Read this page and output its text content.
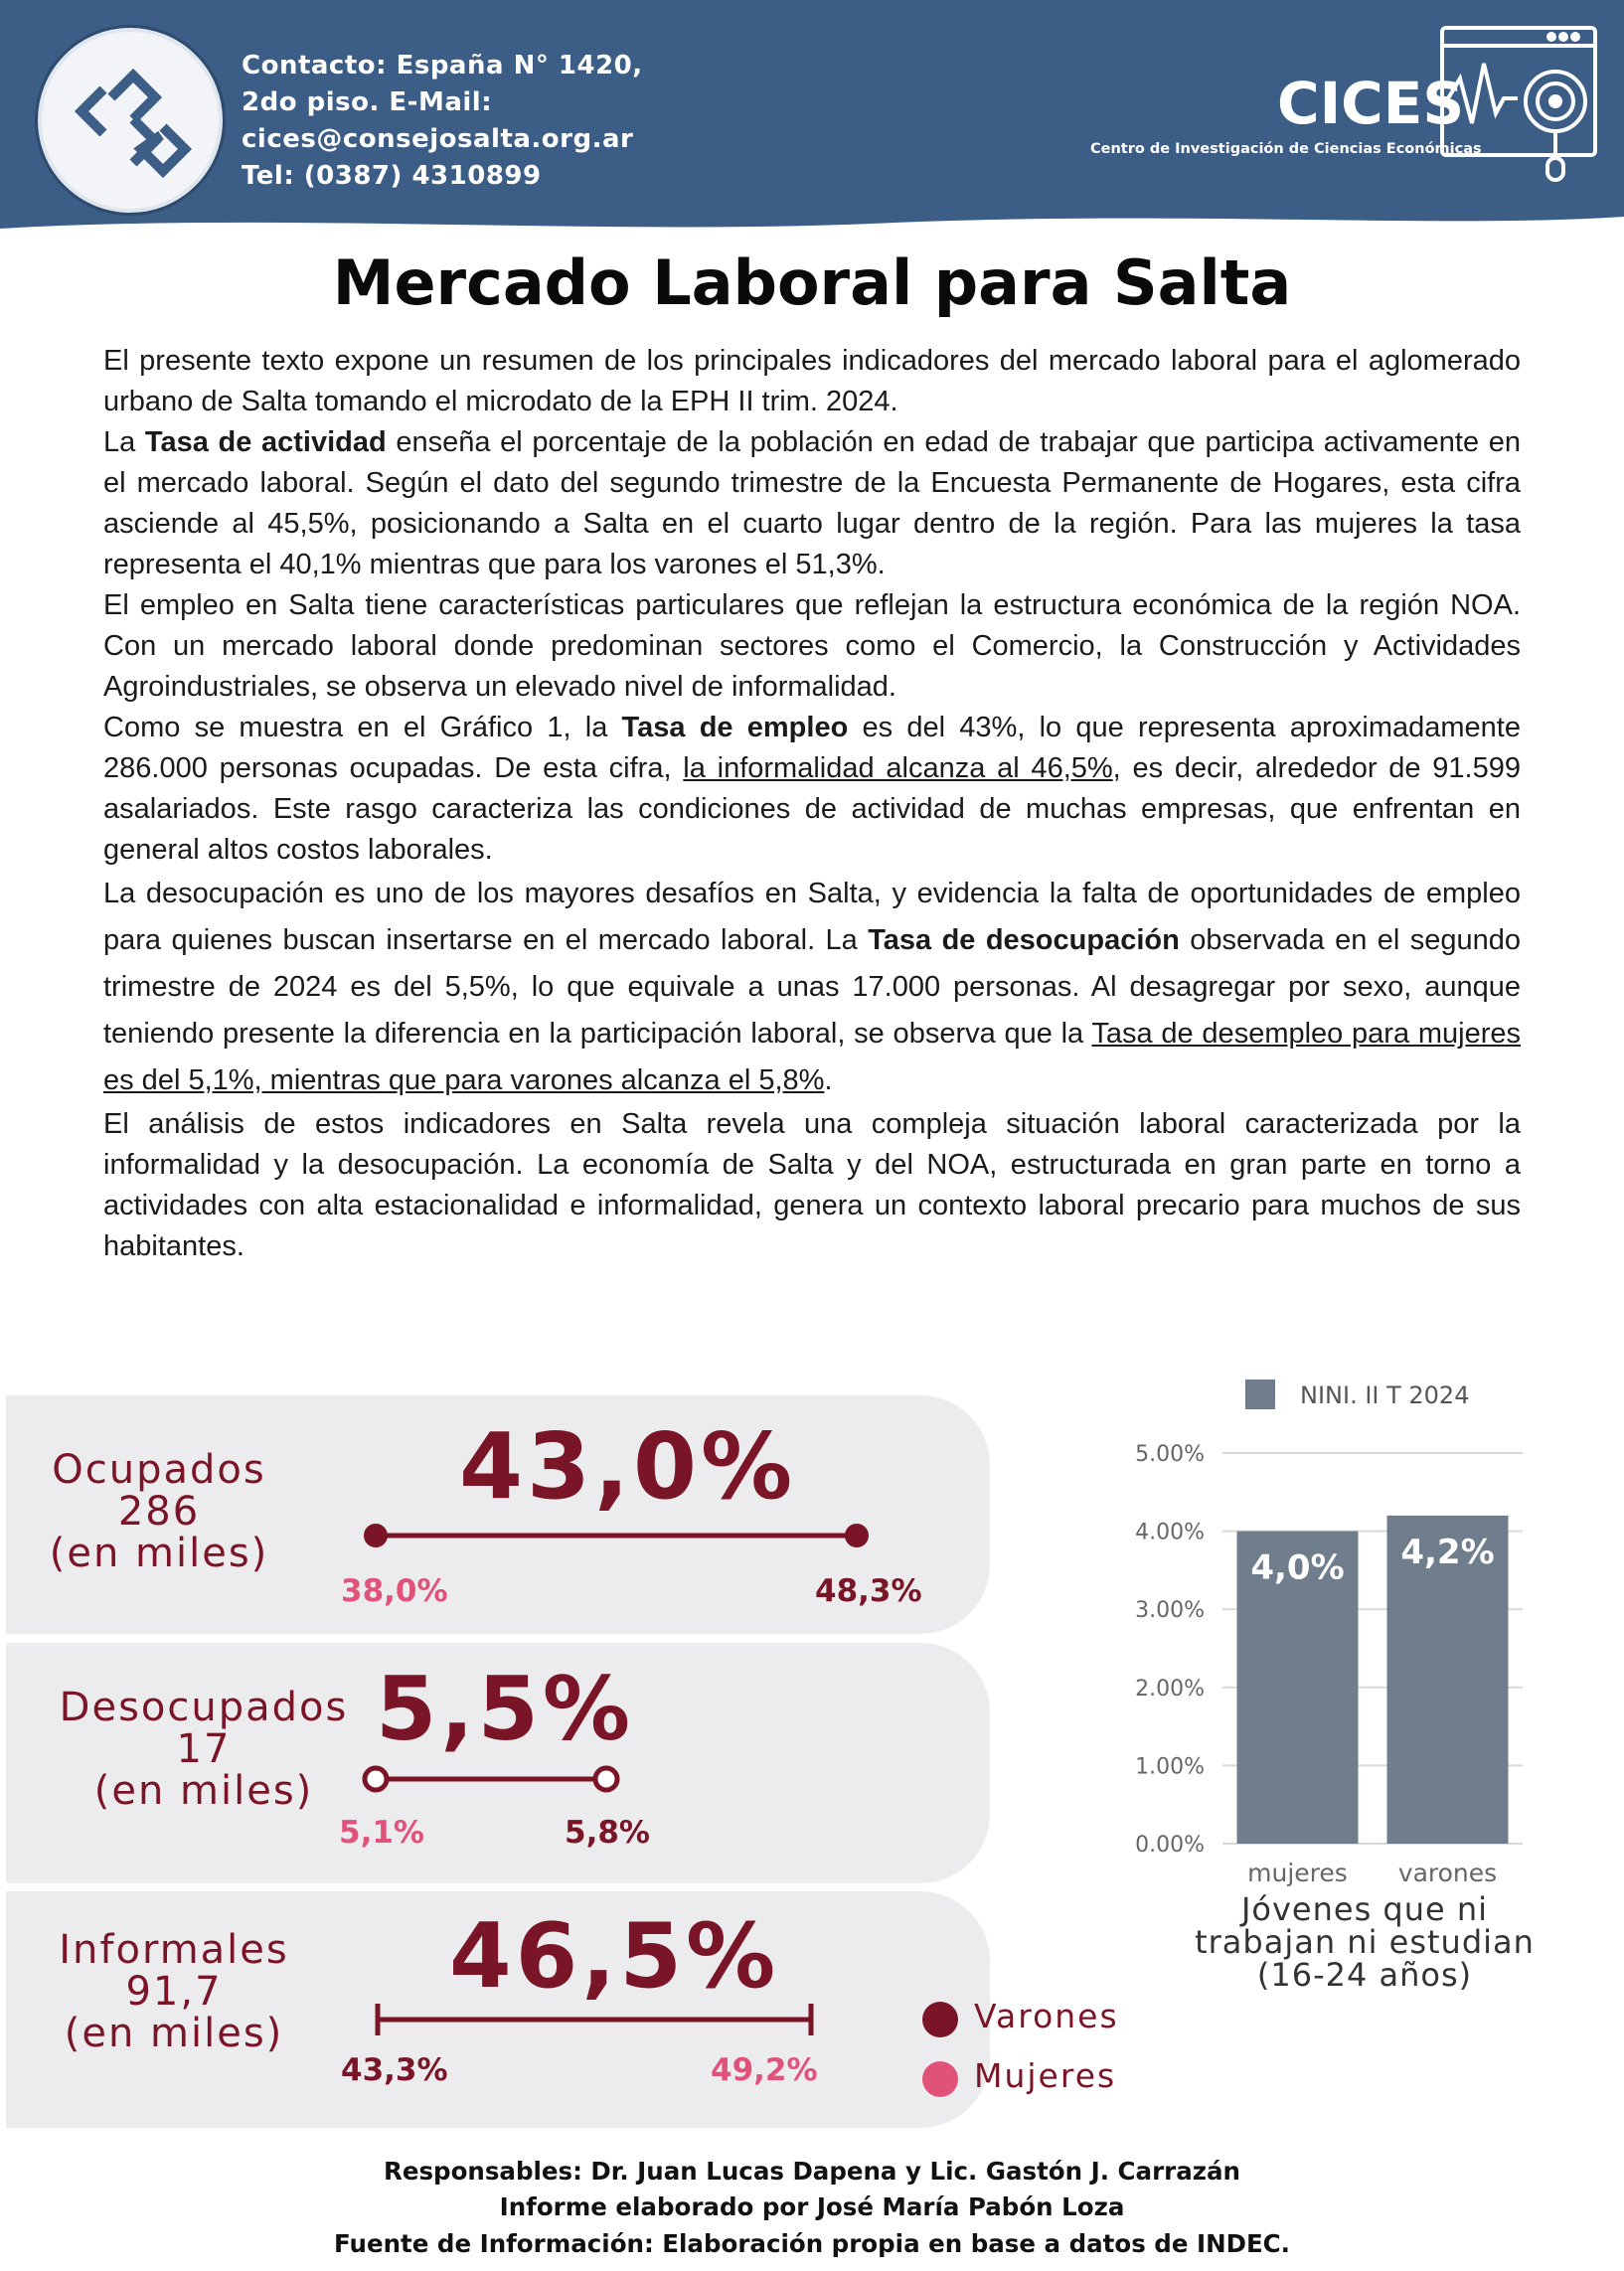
Contacto: España N° 1420,
2do piso. E-Mail:
cices@consejosalta.org.ar
Tel: (0387) 4310899
CICES
Centro de Investigación de Ciencias Económicas
Mercado Laboral para Salta

El presente texto expone un resumen de los principales indicadores del mercado laboral para el aglomerado urbano de Salta tomando el microdato de la EPH II trim. 2024.

La Tasa de actividad enseña el porcentaje de la población en edad de trabajar que participa activamente en el mercado laboral. Según el dato del segundo trimestre de la Encuesta Permanente de Hogares, esta cifra asciende al 45,5%, posicionando a Salta en el cuarto lugar dentro de la región. Para las mujeres la tasa representa el 40,1% mientras que para los varones el 51,3%.

El empleo en Salta tiene características particulares que reflejan la estructura económica de la región NOA. Con un mercado laboral donde predominan sectores como el Comercio, la Construcción y Actividades Agroindustriales, se observa un elevado nivel de informalidad.

Como se muestra en el Gráfico 1, la Tasa de empleo es del 43%, lo que representa aproximadamente 286.000 personas ocupadas. De esta cifra, la informalidad alcanza al 46,5%, es decir, alrededor de 91.599 asalariados. Este rasgo caracteriza las condiciones de actividad de muchas empresas, que enfrentan en general altos costos laborales.

La desocupación es uno de los mayores desafíos en Salta, y evidencia la falta de oportunidades de empleo para quienes buscan insertarse en el mercado laboral. La Tasa de desocupación observada en el segundo trimestre de 2024 es del 5,5%, lo que equivale a unas 17.000 personas. Al desagregar por sexo, aunque teniendo presente la diferencia en la participación laboral, se observa que la Tasa de desempleo para mujeres es del 5,1%, mientras que para varones alcanza el 5,8%.

El análisis de estos indicadores en Salta revela una compleja situación laboral caracterizada por la informalidad y la desocupación. La economía de Salta y del NOA, estructurada en gran parte en torno a actividades con alta estacionalidad e informalidad, genera un contexto laboral precario para muchos de sus habitantes.

Ocupados
286
(en miles)
43,0%
38,0%	48,3%
Desocupados
17
(en miles)
5,5%
5,1%	5,8%
Informales
91,7
(en miles)
46,5%
43,3%	49,2%
Varones
Mujeres
NINI. II T 2024
0.00%
1.00%
2.00%
3.00%
4.00%
5.00%
4,0%
mujeres
4,2%
varones
Jóvenes que ni
trabajan ni estudian
(16-24 años)
Responsables: Dr. Juan Lucas Dapena y Lic. Gastón J. Carrazán
Informe elaborado por José María Pabón Loza
Fuente de Información: Elaboración propia en base a datos de INDEC.
